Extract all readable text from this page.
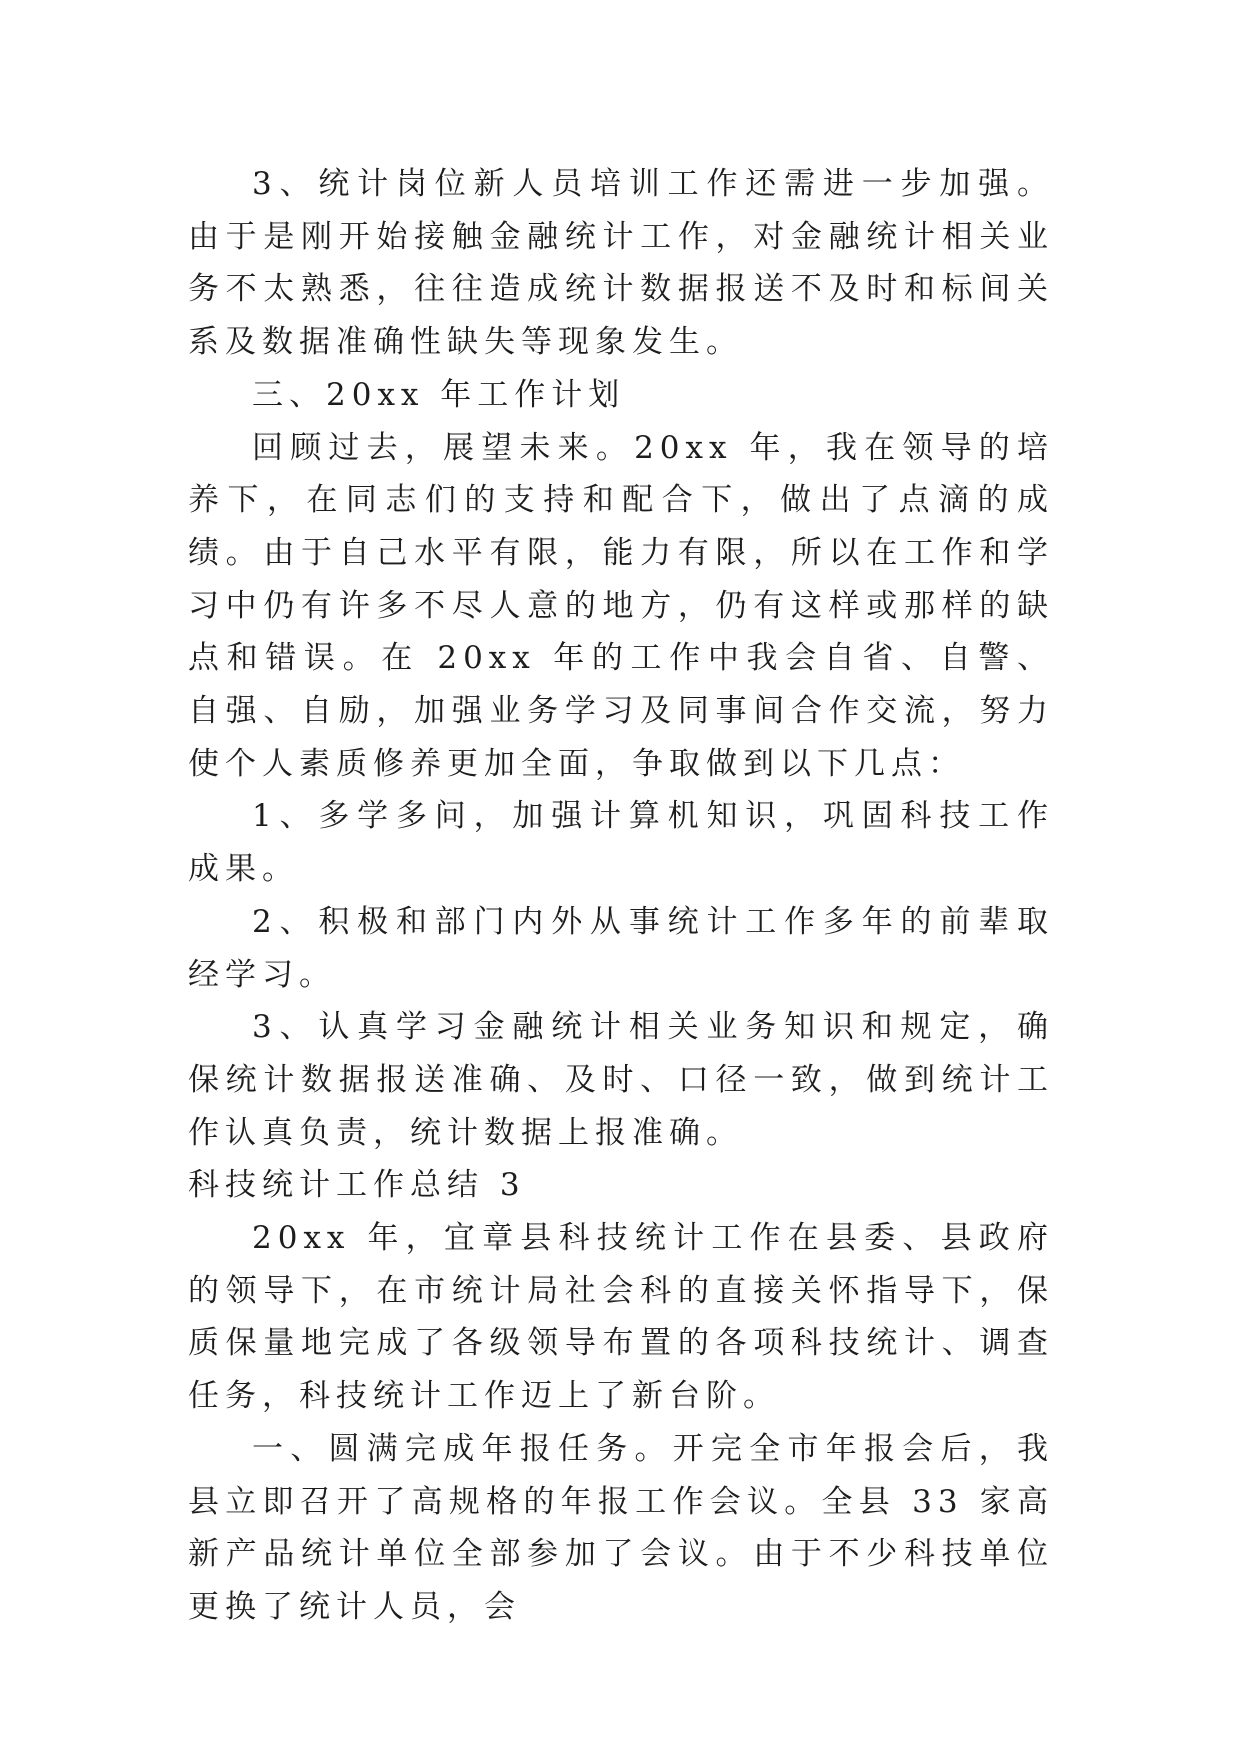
3、统计岗位新人员培训工作还需进一步加强。由于是刚开始接触金融统计工作，对金融统计相关业务不太熟悉，往往造成统计数据报送不及时和标间关系及数据准确性缺失等现象发生。

三、20xx 年工作计划

回顾过去，展望未来。20xx 年，我在领导的培养下，在同志们的支持和配合下，做出了点滴的成绩。由于自己水平有限，能力有限，所以在工作和学习中仍有许多不尽人意的地方，仍有这样或那样的缺点和错误。在 20xx 年的工作中我会自省、自警、自强、自励，加强业务学习及同事间合作交流，努力使个人素质修养更加全面，争取做到以下几点：

1、多学多问，加强计算机知识，巩固科技工作成果。

2、积极和部门内外从事统计工作多年的前辈取经学习。

3、认真学习金融统计相关业务知识和规定，确保统计数据报送准确、及时、口径一致，做到统计工作认真负责，统计数据上报准确。

科技统计工作总结 3

20xx 年，宜章县科技统计工作在县委、县政府的领导下，在市统计局社会科的直接关怀指导下，保质保量地完成了各级领导布置的各项科技统计、调查任务，科技统计工作迈上了新台阶。

一、圆满完成年报任务。开完全市年报会后，我县立即召开了高规格的年报工作会议。全县 33 家高新产品统计单位全部参加了会议。由于不少科技单位更换了统计人员，会
